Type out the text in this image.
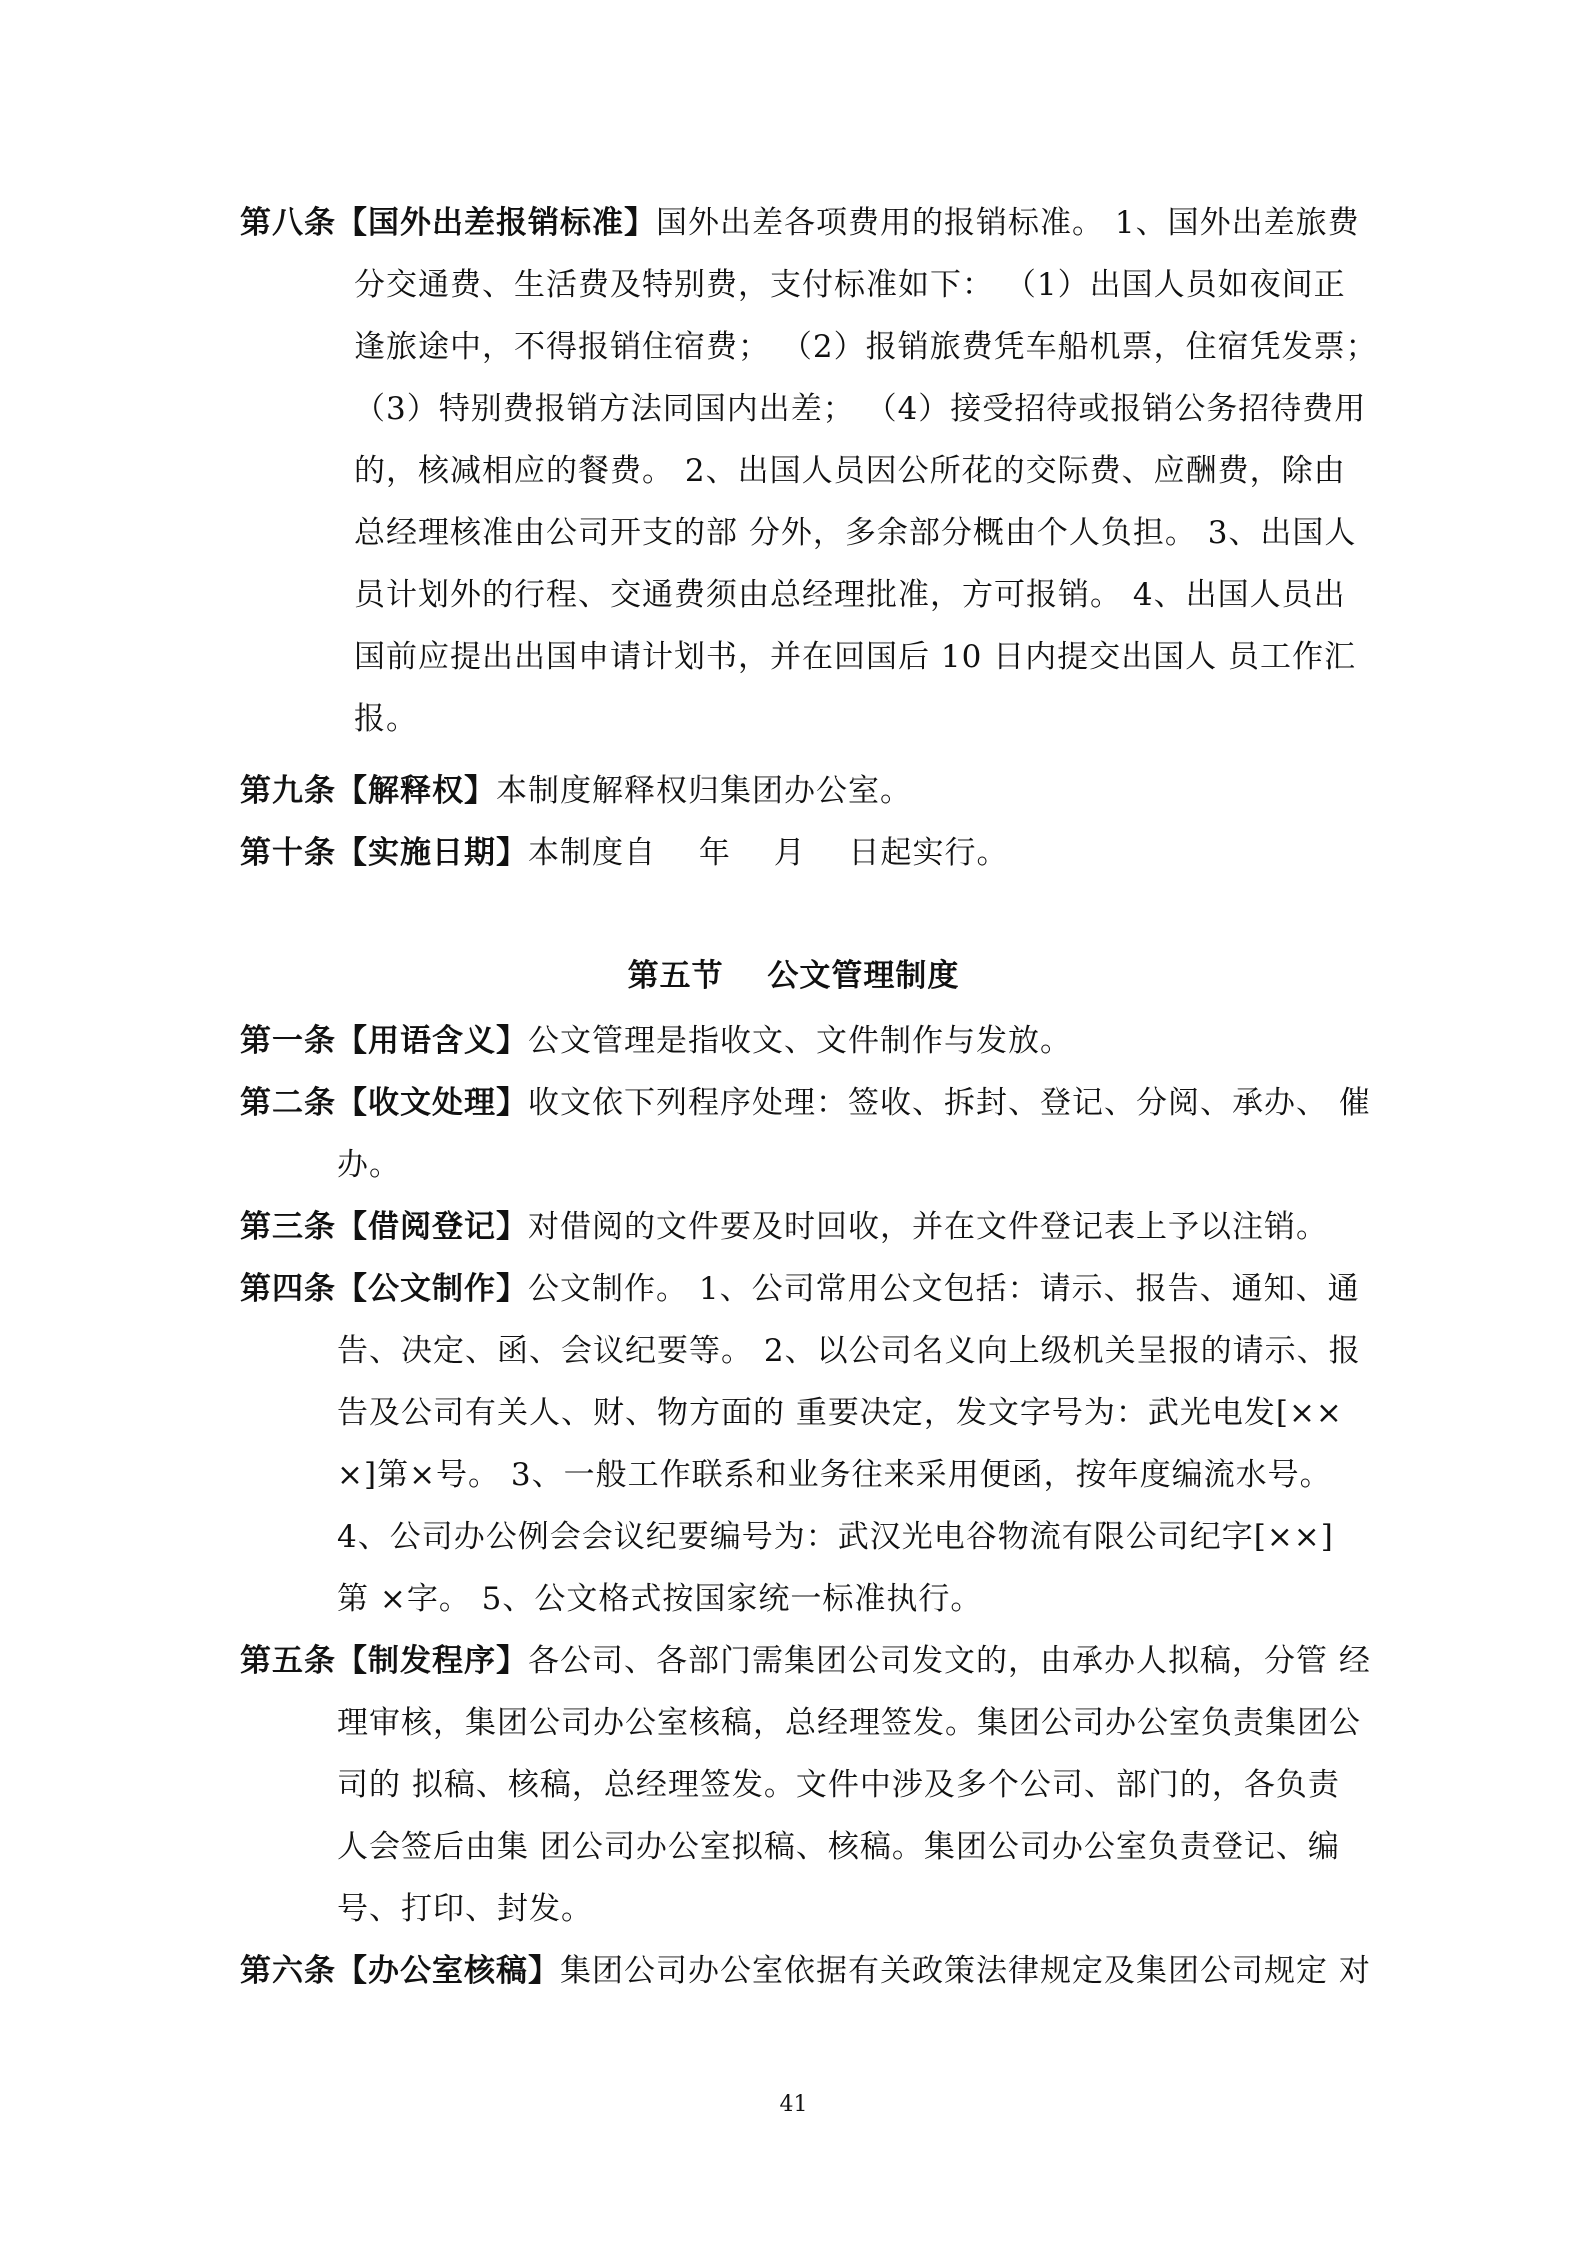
第八条【国外出差报销标准】国外出差各项费用的报销标准。 1、国外出差旅费
分交通费、生活费及特别费，支付标准如下： （1）出国人员如夜间正
逢旅途中，不得报销住宿费； （2）报销旅费凭车船机票，住宿凭发票；
（3）特别费报销方法同国内出差； （4）接受招待或报销公务招待费用
的，核减相应的餐费。 2、出国人员因公所花的交际费、应酬费，除由
总经理核准由公司开支的部 分外，多余部分概由个人负担。 3、出国人
员计划外的行程、交通费须由总经理批准，方可报销。 4、出国人员出
国前应提出出国申请计划书，并在回国后 10 日内提交出国人 员工作汇
报。
第九条【解释权】本制度解释权归集团办公室。
第十条【实施日期】本制度自　 年　 月　 日起实行。
第五节　 公文管理制度
第一条【用语含义】公文管理是指收文、文件制作与发放。
第二条【收文处理】收文依下列程序处理：签收、拆封、登记、分阅、承办、 催
办。
第三条【借阅登记】对借阅的文件要及时回收，并在文件登记表上予以注销。
第四条【公文制作】公文制作。 1、公司常用公文包括：请示、报告、通知、通
告、决定、函、会议纪要等。 2、以公司名义向上级机关呈报的请示、报
告及公司有关人、财、物方面的 重要决定，发文字号为：武光电发[××
×]第×号。 3、一般工作联系和业务往来采用便函，按年度编流水号。
4、公司办公例会会议纪要编号为：武汉光电谷物流有限公司纪字[××]
第 ×字。 5、公文格式按国家统一标准执行。
第五条【制发程序】各公司、各部门需集团公司发文的，由承办人拟稿，分管 经
理审核，集团公司办公室核稿，总经理签发。集团公司办公室负责集团公
司的 拟稿、核稿，总经理签发。文件中涉及多个公司、部门的，各负责
人会签后由集 团公司办公室拟稿、核稿。集团公司办公室负责登记、编
号、打印、封发。
第六条【办公室核稿】集团公司办公室依据有关政策法律规定及集团公司规定 对
41
